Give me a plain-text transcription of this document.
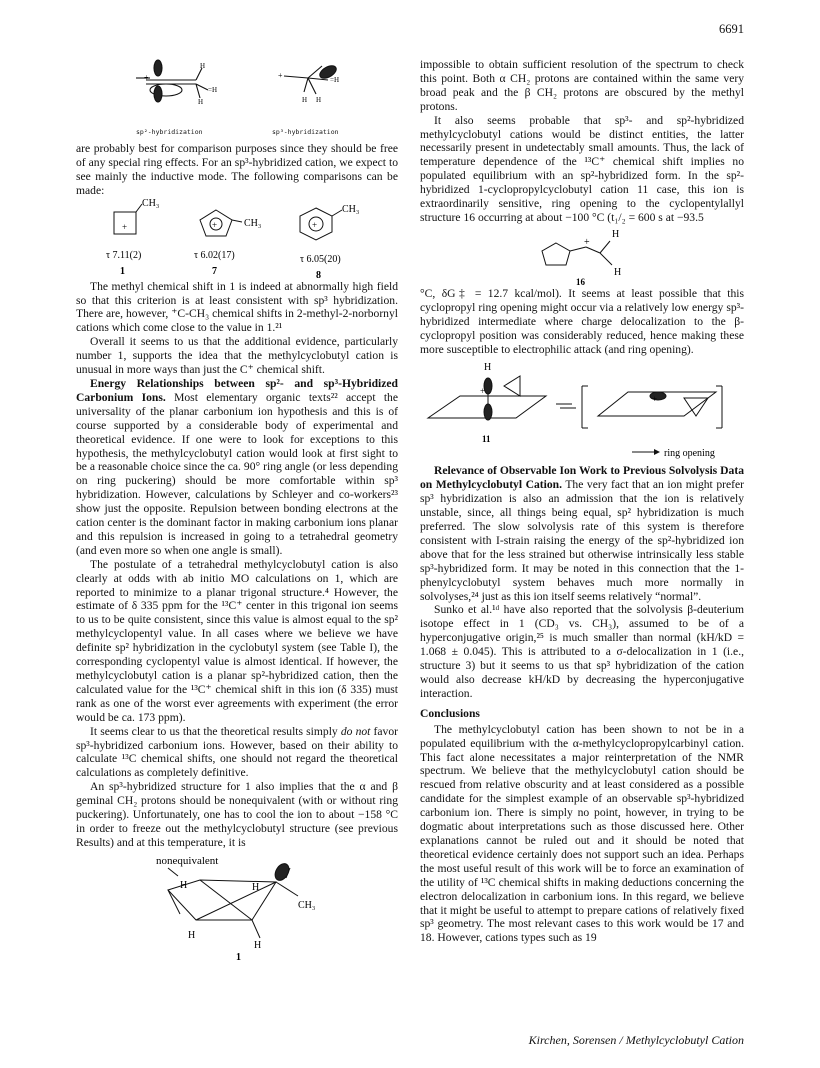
6691
+
H
=H
H
+	=H
H H
sp²-hybridization	sp³-hybridization

are probably best for comparison purposes since they should be free of any special ring effects. For an sp³-hybridized cation, we expect to see mainly the inductive mode. The following comparisons can be made:

CH₃
+	+	CH₃	+
CH₃
τ 7.11(2)	τ 6.02(17)	τ 6.05(20)
1	7	8

The methyl chemical shift in 1 is indeed at abnormally high field so that this criterion is at least consistent with sp³ hybridization. There are, however, ⁺C-CH₃ chemical shifts in 2-methyl-2-norbornyl cations which come close to the value in 1.²¹

Overall it seems to us that the additional evidence, particularly number 1, supports the idea that the methylcyclobutyl cation is unusual in more ways than just the C⁺ chemical shift.

Energy Relationships between sp²- and sp³-Hybridized Carbonium Ions. Most elementary organic texts²² accept the universality of the planar carbonium ion hypothesis and this is of course supported by a considerable body of experimental and theoretical evidence. If one were to look for exceptions to this hypothesis, the methylcyclobutyl cation would look at first sight to be a reasonable choice since the ca. 90° ring angle (or less depending on ring puckering) should be more comfortable within sp³ hybridization. However, calculations by Schleyer and co-workers²³ show just the opposite. Repulsion between bonding electrons at the cation center is the dominant factor in making carbonium ions planar and this repulsion is increased in going to a tetrahedral geometry (and even more so when one angle is small).

The postulate of a tetrahedral methylcyclobutyl cation is also clearly at odds with ab initio MO calculations on 1, which are reported to minimize to a planar trigonal structure.⁴ However, the estimate of δ 335 ppm for the ¹³C⁺ center in this trigonal ion seems to us to be quite consistent, since this value is almost equal to the sp² methylcyclopentyl value. In all cases where we believe we have definite sp² hybridization in the cyclobutyl system (see Table I), the corresponding cyclopentyl value is almost identical. If however, the methylcyclobutyl cation is a planar sp²-hybridized cation, then the calculated value for the ¹³C⁺ chemical shift in this ion (δ 335) must rank as one of the worst ever agreements with experiment (the error would be ca. 173 ppm).

It seems clear to us that the theoretical results simply do not favor sp³-hybridized carbonium ions. However, based on their ability to calculate ¹³C chemical shifts, one should not regard the theoretical calculations as completely definitive.

An sp³-hybridized structure for 1 also implies that the α and β geminal CH₂ protons should be nonequivalent (with or without ring puckering). Unfortunately, one has to cool the ion to about −158 °C in order to freeze out the methylcyclobutyl structure (see previous Results) and at this temperature, it is

nonequivalent
H	H
CH₃
H
H
1

impossible to obtain sufficient resolution of the spectrum to check this point. Both α CH₂ protons are contained within the same very broad peak and the β CH₂ protons are obscured by the methyl protons.

It also seems probable that sp³- and sp²-hybridized methylcyclobutyl cations would be distinct entities, the latter necessarily present in undetectably small amounts. Thus, the lack of temperature dependence of the ¹³C⁺ chemical shift implies no populated equilibrium with an sp²-hybridized form. In the sp²-hybridized 1-cyclopropylcyclobutyl cation 11 case, this ion is extraordinarily sensitive, ring opening to the cyclopentylallyl structure 16 occurring at about −100 °C (t₁/₂ = 600 s at −93.5

+
H
H
16

°C, δG‡ = 12.7 kcal/mol). It seems at least possible that this cyclopropyl ring opening might occur via a relatively low energy sp³-hybridized intermediate where charge delocalization to the β-cyclopropyl position was considerably reduced, hence making these more susceptible to electrophilic attack (and ring opening).

H
+
+
11
ring opening

Relevance of Observable Ion Work to Previous Solvolysis Data on Methylcyclobutyl Cation. The very fact that an ion might prefer sp³ hybridization is also an admission that the ion is relatively unstable, since, all things being equal, sp² hybridization is much preferred. The slow solvolysis rate of this system is therefore consistent with I-strain raising the energy of the sp²-hybridized ion above that for the less strained but otherwise intrinsically less stable sp³-hybridized form. It may be noted in this connection that the 1-phenylcyclobutyl system behaves much more normally in solvolyses,²⁴ just as this ion itself seems relatively “normal”.

Sunko et al.¹ᵈ have also reported that the solvolysis β-deuterium isotope effect in 1 (CD₃ vs. CH₃), assumed to be of a hyperconjugative origin,²⁵ is much smaller than normal (kH/kD = 1.068 ± 0.045). This is attributed to a σ-delocalization in 1 (i.e., structure 3) but it seems to us that sp³ hybridization of the cation would also decrease kH/kD by decreasing the hyperconjugative interaction.

Conclusions

The methylcyclobutyl cation has been shown to not be in a populated equilibrium with the α-methylcyclopropylcarbinyl cation. This fact alone necessitates a major reinterpretation of the NMR spectrum. We believe that the methylcyclobutyl cation should be rescued from relative obscurity and at least considered as a possible candidate for the simplest example of an observable sp³-hybridized carbonium ion. There is simply no point, however, in trying to be dogmatic about interpretations such as those discussed here. Other explanations cannot be ruled out and it should be noted that theoretical evidence certainly does not support such an idea. Perhaps the most useful result of this work will be to force an examination of the utility of ¹³C chemical shifts in making deductions concerning the electron delocalization in carbonium ions. In this regard, we believe that it might be useful to attempt to prepare cations of relatively fixed sp³ geometry. The most relevant cases to this work would be 17 and 18. However, cations types such as 19

Kirchen, Sorensen / Methylcyclobutyl Cation
